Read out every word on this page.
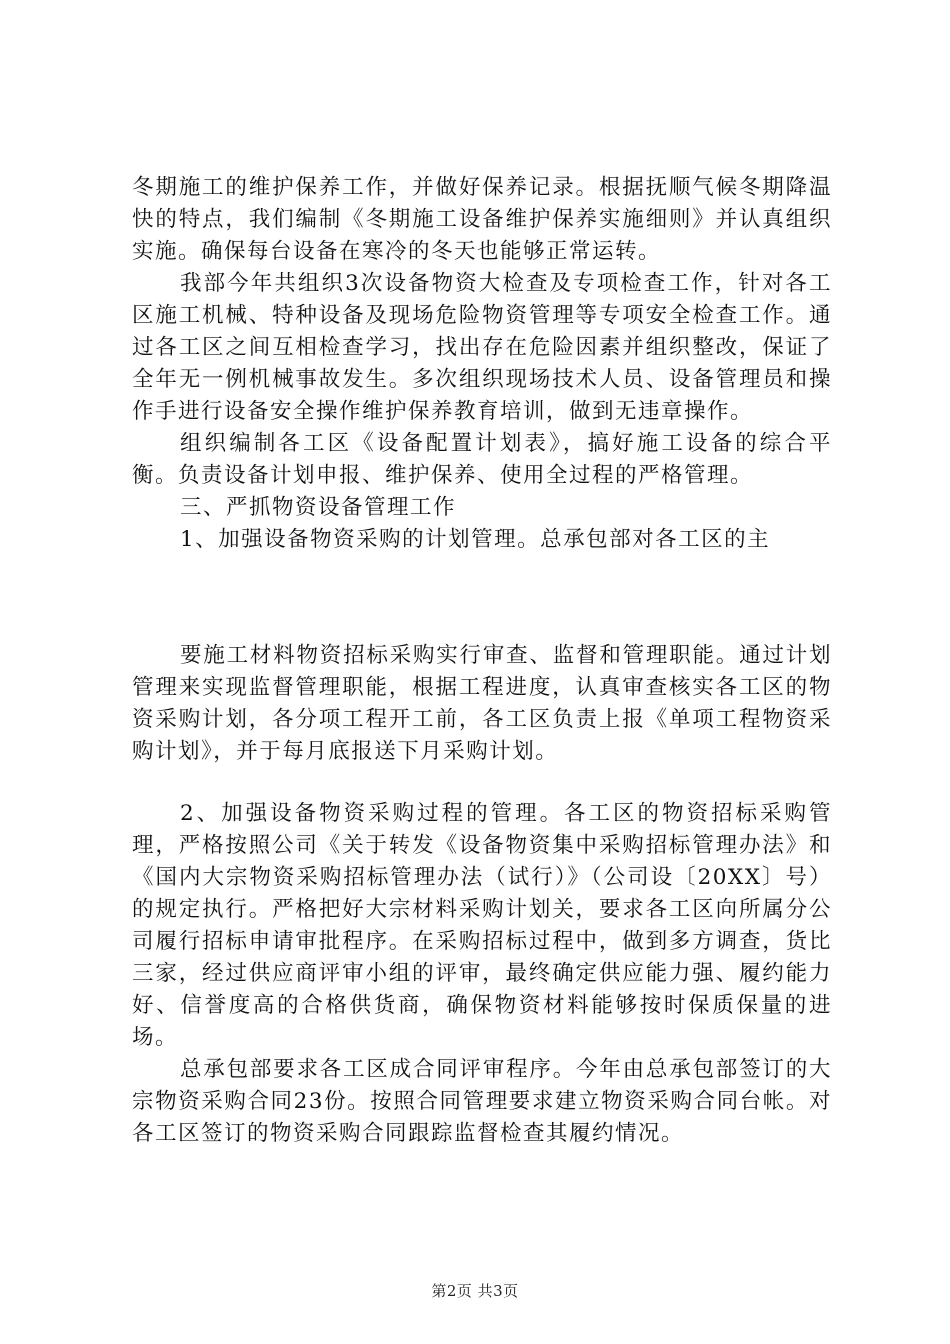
冬期施工的维护保养工作，并做好保养记录。根据抚顺气候冬期降温快的特点，我们编制《冬期施工设备维护保养实施细则》并认真组织实施。确保每台设备在寒冷的冬天也能够正常运转。

我部今年共组织3次设备物资大检查及专项检查工作，针对各工区施工机械、特种设备及现场危险物资管理等专项安全检查工作。通过各工区之间互相检查学习，找出存在危险因素并组织整改，保证了全年无一例机械事故发生。多次组织现场技术人员、设备管理员和操作手进行设备安全操作维护保养教育培训，做到无违章操作。

组织编制各工区《设备配置计划表》，搞好施工设备的综合平衡。负责设备计划申报、维护保养、使用全过程的严格管理。

三、严抓物资设备管理工作

1、加强设备物资采购的计划管理。总承包部对各工区的主

要施工材料物资招标采购实行审查、监督和管理职能。通过计划管理来实现监督管理职能，根据工程进度，认真审查核实各工区的物资采购计划，各分项工程开工前，各工区负责上报《单项工程物资采购计划》，并于每月底报送下月采购计划。

2、加强设备物资采购过程的管理。各工区的物资招标采购管理，严格按照公司《关于转发《设备物资集中采购招标管理办法》和《国内大宗物资采购招标管理办法（试行）》（公司设〔20XX〕号）的规定执行。严格把好大宗材料采购计划关，要求各工区向所属分公司履行招标申请审批程序。在采购招标过程中，做到多方调查，货比三家，经过供应商评审小组的评审，最终确定供应能力强、履约能力好、信誉度高的合格供货商，确保物资材料能够按时保质保量的进场。

总承包部要求各工区成合同评审程序。今年由总承包部签订的大宗物资采购合同23份。按照合同管理要求建立物资采购合同台帐。对各工区签订的物资采购合同跟踪监督检查其履约情况。

第2页 共3页
